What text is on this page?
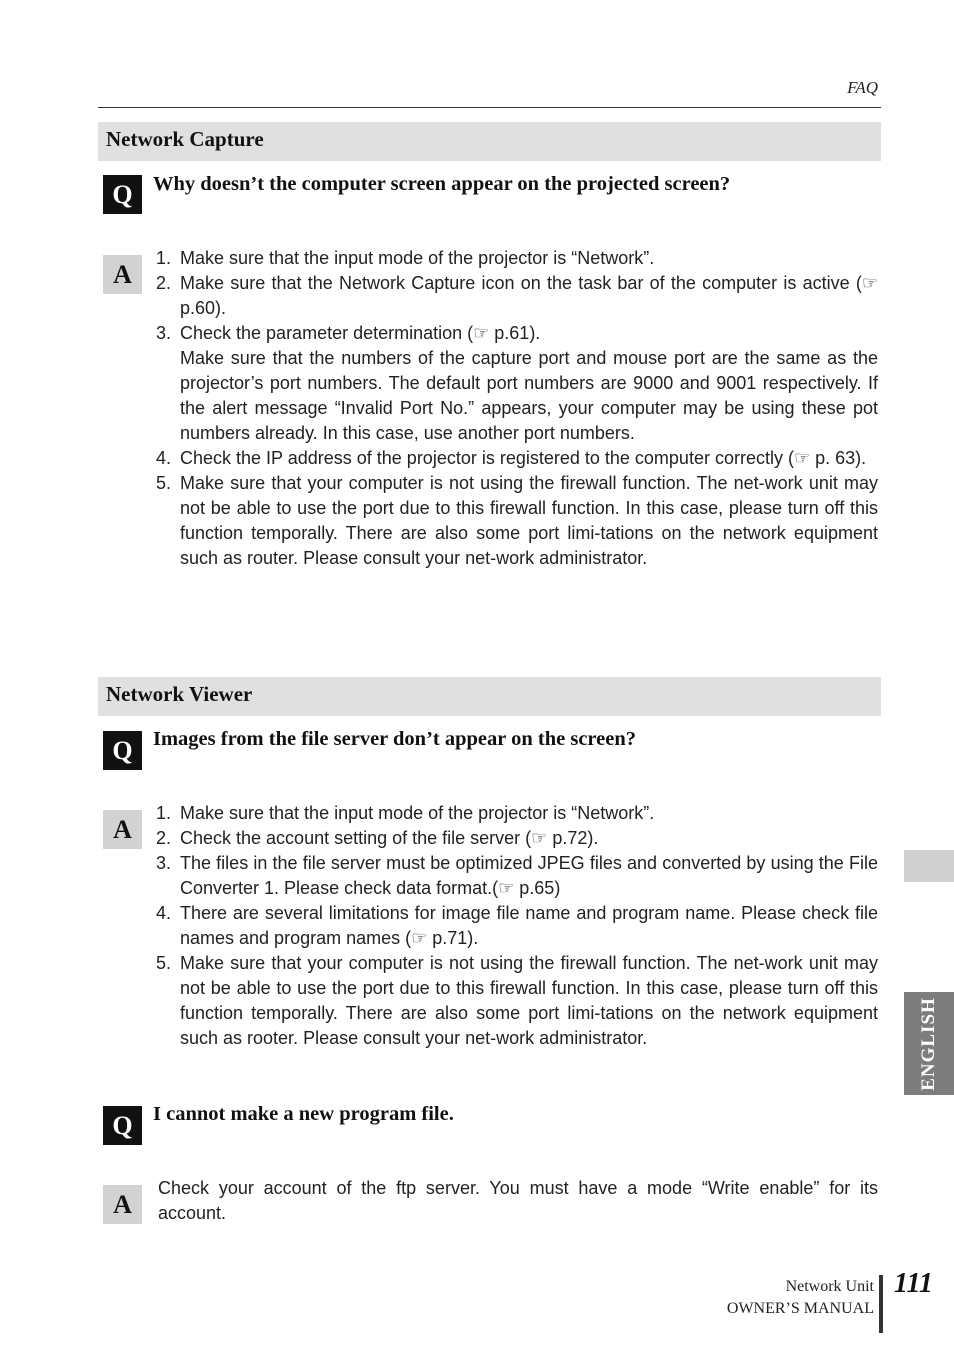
FAQ
Network Capture
Q Why doesn’t the computer screen appear on the projected screen?
A
1. Make sure that the input mode of the projector is “Network”.
2. Make sure that the Network Capture icon on the task bar of the computer is active (☞ p.60).
3. Check the parameter determination (☞ p.61).
Make sure that the numbers of the capture port and mouse port are the same as the projector’s port numbers. The default port numbers are 9000 and 9001 respectively. If the alert message “Invalid Port No.” appears, your computer may be using these pot numbers already. In this case, use another port numbers.
4. Check the IP address of the projector is registered to the computer correctly (☞ p. 63).
5. Make sure that your computer is not using the firewall function. The net-work unit may not be able to use the port due to this firewall function. In this case, please turn off this function temporally. There are also some port limi-tations on the network equipment such as router. Please consult your net-work administrator.
Network Viewer
Q Images from the file server don’t appear on the screen?
A
1. Make sure that the input mode of the projector is “Network”.
2. Check the account setting of the file server (☞ p.72).
3. The files in the file server must be optimized JPEG files and converted by using the File Converter 1. Please check data format.(☞ p.65)
4. There are several limitations for image file name and program name. Please check file names and program names (☞ p.71).
5. Make sure that your computer is not using the firewall function. The net-work unit may not be able to use the port due to this firewall function. In this case, please turn off this function temporally. There are also some port limi-tations on the network equipment such as rooter. Please consult your net-work administrator.
Q I cannot make a new program file.
A
Check your account of the ftp server. You must have a mode “Write enable” for its account.
ENGLISH
Network Unit
OWNER’S MANUAL
111
